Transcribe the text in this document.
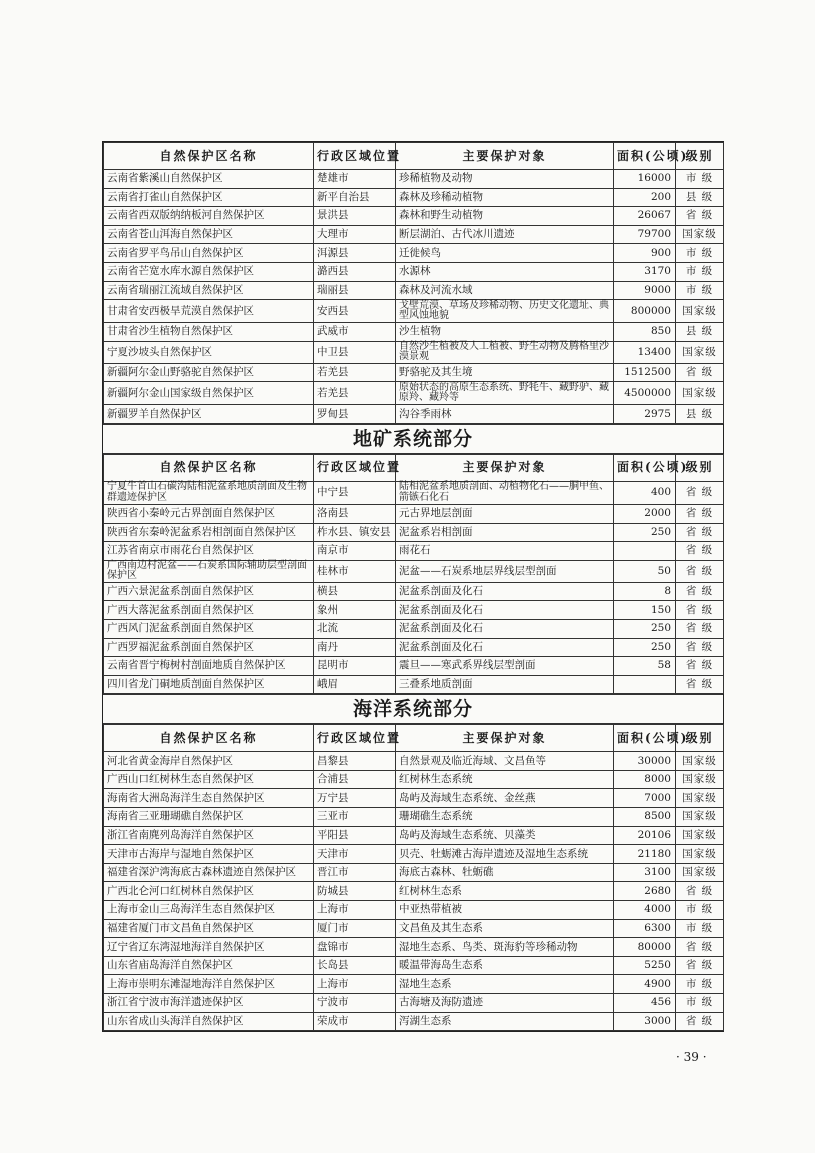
自然保护区名称	行政区域位置	主要保护对象	面积(公顷)	级别
云南省紫溪山自然保护区	楚雄市	珍稀植物及动物	16000	市 级
云南省打雀山自然保护区	新平自治县	森林及珍稀动植物	200	县 级
云南省西双版纳纳板河自然保护区	景洪县	森林和野生动植物	26067	省 级
云南省苍山洱海自然保护区	大理市	断层湖泊、古代冰川遗迹	79700	国家级
云南省罗平鸟吊山自然保护区	洱源县	迁徙候鸟	900	市 级
云南省芒宽水库水源自然保护区	潞西县	水源林	3170	市 级
云南省瑞丽江流域自然保护区	瑞丽县	森林及河流水域	9000	市 级
甘肃省安西极旱荒漠自然保护区	安西县	戈壁荒漠、草场及珍稀动物、历史文化遗址、典型风蚀地貌	800000	国家级
甘肃省沙生植物自然保护区	武威市	沙生植物	850	县 级
宁夏沙坡头自然保护区	中卫县	自然沙生植被及人工植被、野生动物及腾格里沙漠景观	13400	国家级
新疆阿尔金山野骆驼自然保护区	若羌县	野骆驼及其生境	1512500	省 级
新疆阿尔金山国家级自然保护区	若羌县	原始状态的高原生态系统、野牦牛、藏野驴、藏原羚、藏羚等	4500000	国家级
新疆罗羊自然保护区	罗甸县	沟谷季雨林	2975	县 级
地矿系统部分
自然保护区名称	行政区域位置	主要保护对象	面积(公顷)	级别
宁夏牛首山石碳沟陆相泥盆系地质剖面及生物群遗迹保护区	中宁县	陆相泥盆系地质剖面、动植物化石——胴甲鱼、箭镞石化石	400	省 级
陕西省小秦岭元古界剖面自然保护区	洛南县	元古界地层剖面	2000	省 级
陕西省东秦岭泥盆系岩相剖面自然保护区	柞水县、镇安县	泥盆系岩相剖面	250	省 级
江苏省南京市雨花台自然保护区	南京市	雨花石		省 级
广西南边村泥盆——石炭系国际辅助层型剖面保护区	桂林市	泥盆——石炭系地层界线层型剖面	50	省 级
广西六景泥盆系剖面自然保护区	横县	泥盆系剖面及化石	8	省 级
广西大落泥盆系剖面自然保护区	象州	泥盆系剖面及化石	150	省 级
广西风门泥盆系剖面自然保护区	北流	泥盆系剖面及化石	250	省 级
广西罗福泥盆系剖面自然保护区	南丹	泥盆系剖面及化石	250	省 级
云南省晋宁梅树村剖面地质自然保护区	昆明市	震旦——寒武系界线层型剖面	58	省 级
四川省龙门硐地质剖面自然保护区	峨眉	三叠系地质剖面		省 级
海洋系统部分
自然保护区名称	行政区域位置	主要保护对象	面积(公顷)	级别
河北省黄金海岸自然保护区	昌黎县	自然景观及临近海域、文昌鱼等	30000	国家级
广西山口红树林生态自然保护区	合浦县	红树林生态系统	8000	国家级
海南省大洲岛海洋生态自然保护区	万宁县	岛屿及海域生态系统、金丝燕	7000	国家级
海南省三亚珊瑚礁自然保护区	三亚市	珊瑚礁生态系统	8500	国家级
浙江省南麂列岛海洋自然保护区	平阳县	岛屿及海域生态系统、贝藻类	20106	国家级
天津市古海岸与湿地自然保护区	天津市	贝壳、牡蛎滩古海岸遗迹及湿地生态系统	21180	国家级
福建省深沪湾海底古森林遗迹自然保护区	晋江市	海底古森林、牡蛎礁	3100	国家级
广西北仑河口红树林自然保护区	防城县	红树林生态系	2680	省 级
上海市金山三岛海洋生态自然保护区	上海市	中亚热带植被	4000	市 级
福建省厦门市文昌鱼自然保护区	厦门市	文昌鱼及其生态系	6300	市 级
辽宁省辽东湾湿地海洋自然保护区	盘锦市	湿地生态系、鸟类、斑海豹等珍稀动物	80000	省 级
山东省庙岛海洋自然保护区	长岛县	暖温带海岛生态系	5250	省 级
上海市崇明东滩湿地海洋自然保护区	上海市	湿地生态系	4900	市 级
浙江省宁波市海洋遗迹保护区	宁波市	古海塘及海防遗迹	456	市 级
山东省成山头海洋自然保护区	荣成市	泻湖生态系	3000	省 级
· 39 ·
